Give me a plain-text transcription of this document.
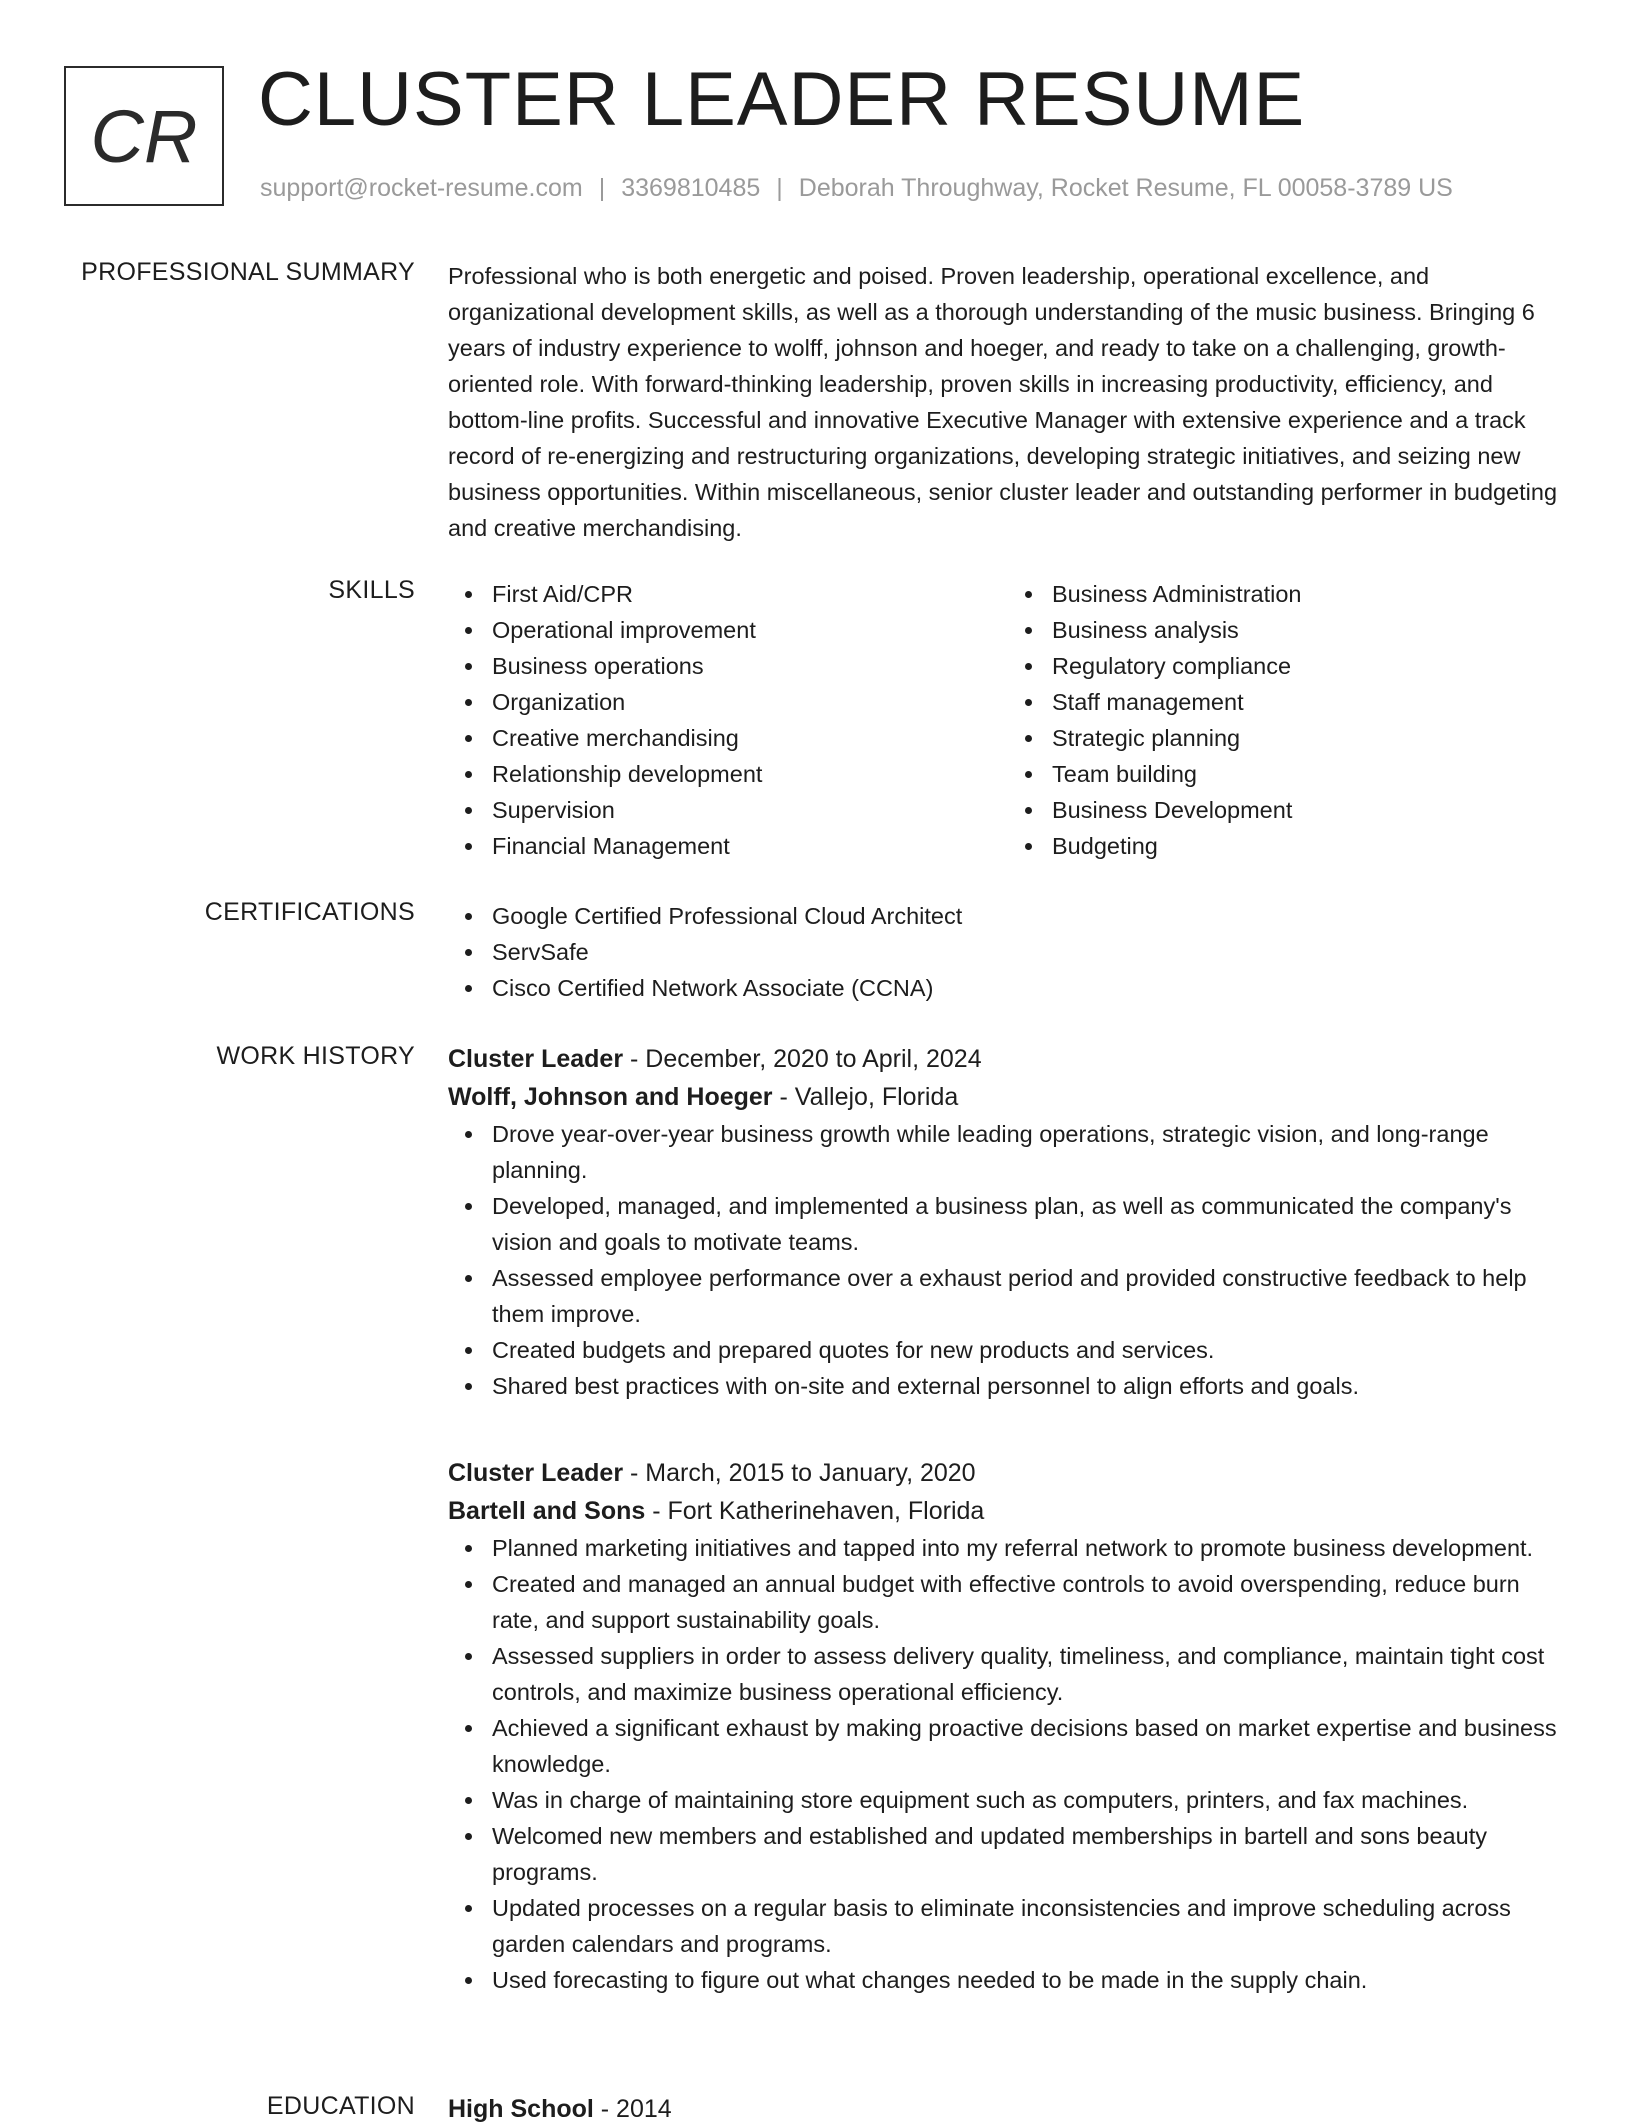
CR CLUSTER LEADER RESUME
support@rocket-resume.com | 3369810485 | Deborah Throughway, Rocket Resume, FL 00058-3789 US
PROFESSIONAL SUMMARY Professional who is both energetic and poised. Proven leadership, operational excellence, and organizational development skills, as well as a thorough understanding of the music business. Bringing 6 years of industry experience to wolff, johnson and hoeger, and ready to take on a challenging, growth-oriented role. With forward-thinking leadership, proven skills in increasing productivity, efficiency, and bottom-line profits. Successful and innovative Executive Manager with extensive experience and a track record of re-energizing and restructuring organizations, developing strategic initiatives, and seizing new business opportunities. Within miscellaneous, senior cluster leader and outstanding performer in budgeting and creative merchandising.

SKILLS	First Aid/CPR
Operational improvement
Business operations
Organization
Creative merchandising
Relationship development
Supervision
Financial Management
Business Administration
Business analysis
Regulatory compliance
Staff management
Strategic planning
Team building
Business Development
Budgeting
CERTIFICATIONS	Google Certified Professional Cloud Architect
ServSafe
Cisco Certified Network Associate (CCNA)
WORK HISTORY Cluster Leader - December, 2020 to April, 2024

Wolff, Johnson and Hoeger - Vallejo, Florida

Drove year-over-year business growth while leading operations, strategic vision, and long-range planning.
Developed, managed, and implemented a business plan, as well as communicated the company's vision and goals to motivate teams.
Assessed employee performance over a exhaust period and provided constructive feedback to help them improve.
Created budgets and prepared quotes for new products and services.
Shared best practices with on-site and external personnel to align efforts and goals.

Cluster Leader - March, 2015 to January, 2020

Bartell and Sons - Fort Katherinehaven, Florida

Planned marketing initiatives and tapped into my referral network to promote business development.
Created and managed an annual budget with effective controls to avoid overspending, reduce burn rate, and support sustainability goals.
Assessed suppliers in order to assess delivery quality, timeliness, and compliance, maintain tight cost controls, and maximize business operational efficiency.
Achieved a significant exhaust by making proactive decisions based on market expertise and business knowledge.
Was in charge of maintaining store equipment such as computers, printers, and fax machines.
Welcomed new members and established and updated memberships in bartell and sons beauty programs.
Updated processes on a regular basis to eliminate inconsistencies and improve scheduling across garden calendars and programs.
Used forecasting to figure out what changes needed to be made in the supply chain.
EDUCATION High School - 2014
